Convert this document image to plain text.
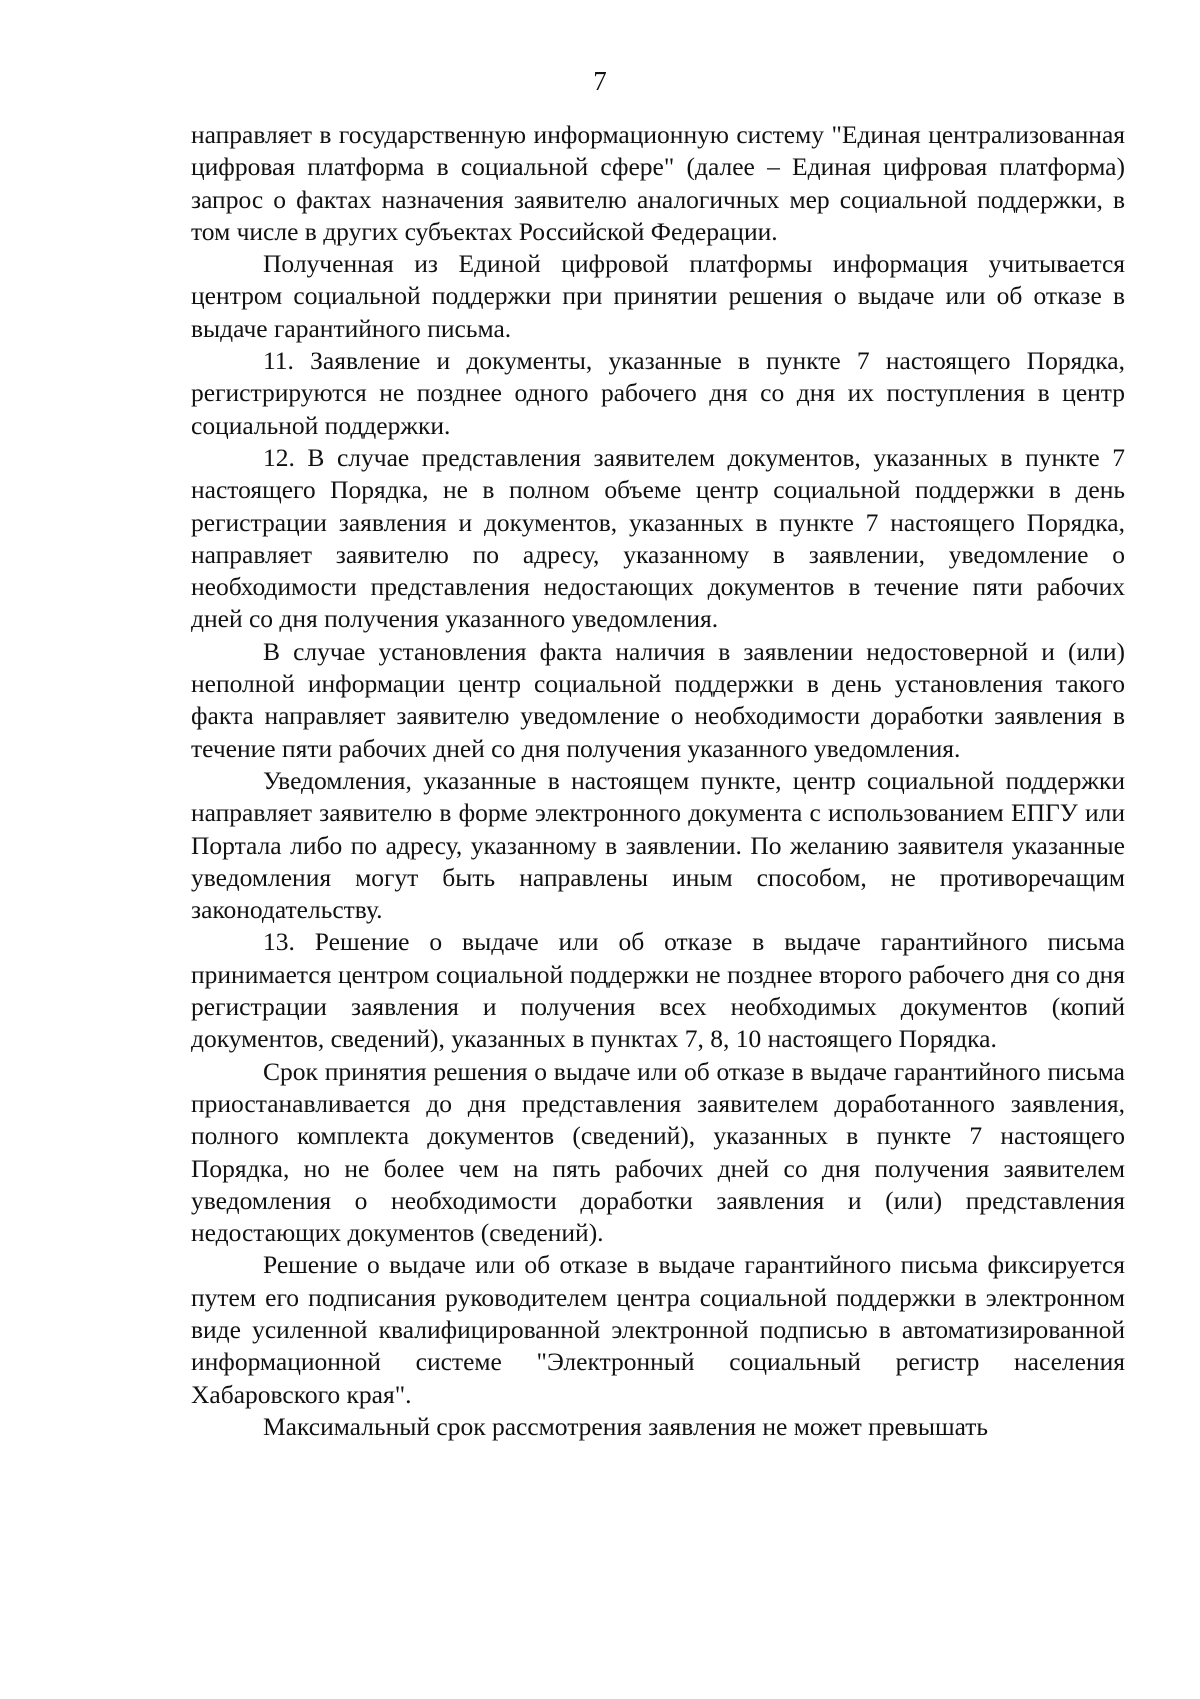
7

направляет в государственную информационную систему "Единая централизованная цифровая платформа в социальной сфере" (далее – Единая цифровая платформа) запрос о фактах назначения заявителю аналогичных мер социальной поддержки, в том числе в других субъектах Российской Федерации.

Полученная из Единой цифровой платформы информация учитывается центром социальной поддержки при принятии решения о выдаче или об отказе в выдаче гарантийного письма.

11. Заявление и документы, указанные в пункте 7 настоящего Порядка, регистрируются не позднее одного рабочего дня со дня их поступления в центр социальной поддержки.

12. В случае представления заявителем документов, указанных в пункте 7 настоящего Порядка, не в полном объеме центр социальной поддержки в день регистрации заявления и документов, указанных в пункте 7 настоящего Порядка, направляет заявителю по адресу, указанному в заявлении, уведомление о необходимости представления недостающих документов в течение пяти рабочих дней со дня получения указанного уведомления.

В случае установления факта наличия в заявлении недостоверной и (или) неполной информации центр социальной поддержки в день установления такого факта направляет заявителю уведомление о необходимости доработки заявления в течение пяти рабочих дней со дня получения указанного уведомления.

Уведомления, указанные в настоящем пункте, центр социальной поддержки направляет заявителю в форме электронного документа с использованием ЕПГУ или Портала либо по адресу, указанному в заявлении. По желанию заявителя указанные уведомления могут быть направлены иным способом, не противоречащим законодательству.

13. Решение о выдаче или об отказе в выдаче гарантийного письма принимается центром социальной поддержки не позднее второго рабочего дня со дня регистрации заявления и получения всех необходимых документов (копий документов, сведений), указанных в пунктах 7, 8, 10 настоящего Порядка.

Срок принятия решения о выдаче или об отказе в выдаче гарантийного письма приостанавливается до дня представления заявителем доработанного заявления, полного комплекта документов (сведений), указанных в пункте 7 настоящего Порядка, но не более чем на пять рабочих дней со дня получения заявителем уведомления о необходимости доработки заявления и (или) представления недостающих документов (сведений).

Решение о выдаче или об отказе в выдаче гарантийного письма фиксируется путем его подписания руководителем центра социальной поддержки в электронном виде усиленной квалифицированной электронной подписью в автоматизированной информационной системе "Электронный социальный регистр населения Хабаровского края".

Максимальный срок рассмотрения заявления не может превышать
